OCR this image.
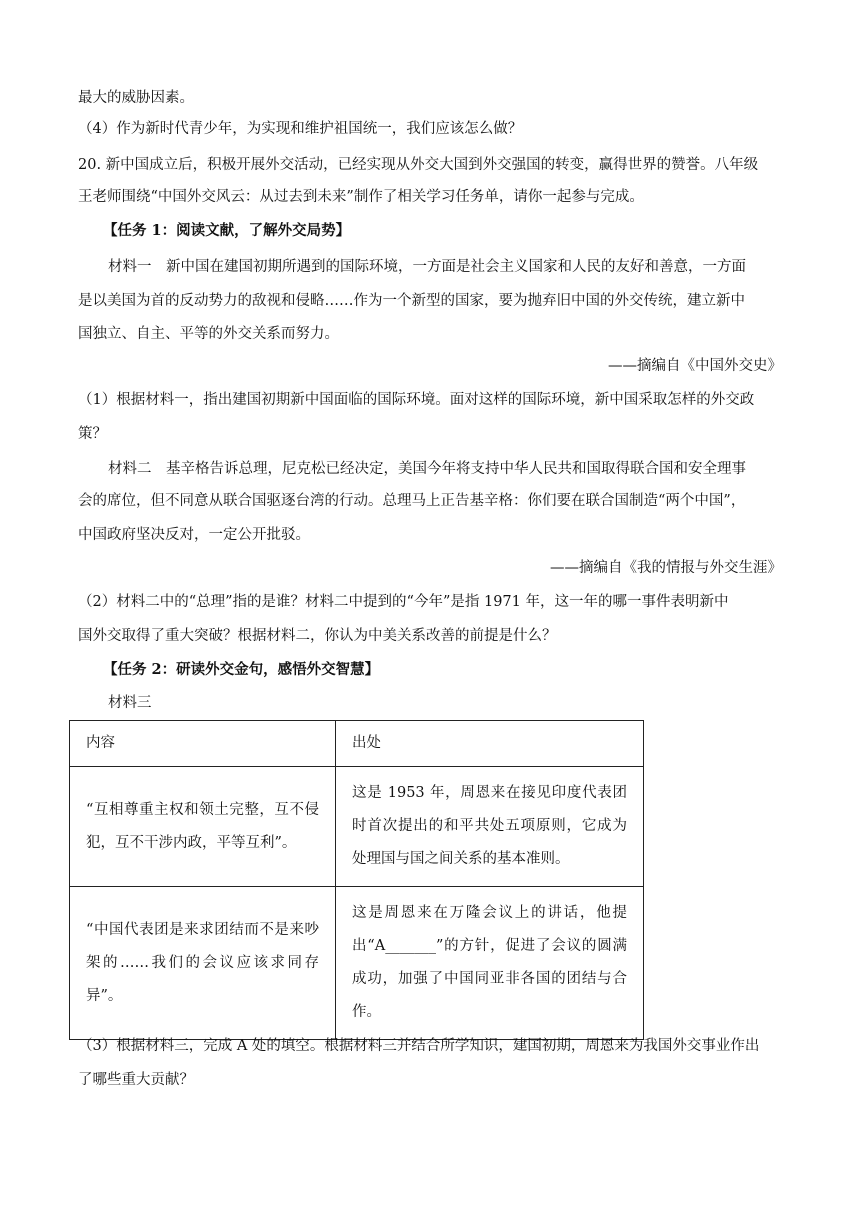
最大的威胁因素。
（4）作为新时代青少年，为实现和维护祖国统一，我们应该怎么做？
20. 新中国成立后，积极开展外交活动，已经实现从外交大国到外交强国的转变，赢得世界的赞誉。八年级
王老师围绕“中国外交风云：从过去到未来”制作了相关学习任务单，请你一起参与完成。
【任务 1：阅读文献，了解外交局势】
材料一　新中国在建国初期所遇到的国际环境，一方面是社会主义国家和人民的友好和善意，一方面
是以美国为首的反动势力的敌视和侵略……作为一个新型的国家，要为抛弃旧中国的外交传统，建立新中
国独立、自主、平等的外交关系而努力。
——摘编自《中国外交史》
（1）根据材料一，指出建国初期新中国面临的国际环境。面对这样的国际环境，新中国采取怎样的外交政
策？
材料二　基辛格告诉总理，尼克松已经决定，美国今年将支持中华人民共和国取得联合国和安全理事
会的席位，但不同意从联合国驱逐台湾的行动。总理马上正告基辛格：你们要在联合国制造“两个中国”，
中国政府坚决反对，一定公开批驳。
——摘编自《我的情报与外交生涯》
（2）材料二中的“总理”指的是谁？材料二中提到的“今年”是指 1971 年，这一年的哪一事件表明新中
国外交取得了重大突破？根据材料二，你认为中美关系改善的前提是什么？
【任务 2：研读外交金句，感悟外交智慧】
材料三
内容	出处
“互相尊重主权和领土完整，互不侵犯，互不干涉内政，平等互利”。	这是 1953 年，周恩来在接见印度代表团时首次提出的和平共处五项原则，它成为处理国与国之间关系的基本准则。
“中国代表团是来求团结而不是来吵架的……我们的会议应该求同存异”。	这是周恩来在万隆会议上的讲话，他提出“A_______”的方针，促进了会议的圆满成功，加强了中国同亚非各国的团结与合作。
（3）根据材料三，完成 A 处的填空。根据材料三并结合所学知识，建国初期，周恩来为我国外交事业作出
了哪些重大贡献？
